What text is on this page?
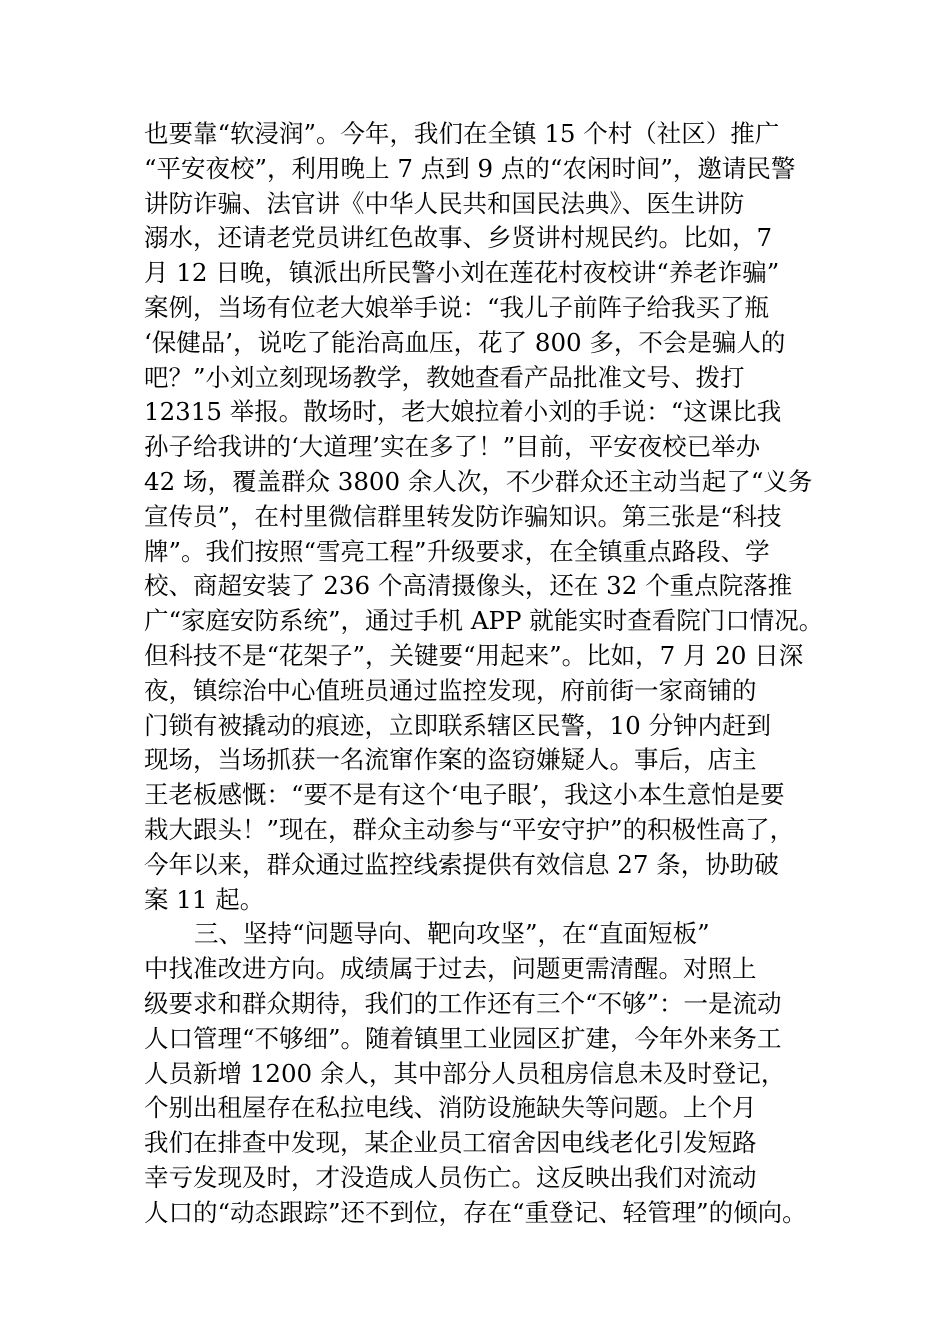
也要靠“软浸润”。今年，我们在全镇 15 个村（社区）推广
“平安夜校”，利用晚上 7 点到 9 点的“农闲时间”，邀请民警
讲防诈骗、法官讲《中华人民共和国民法典》、医生讲防
溺水，还请老党员讲红色故事、乡贤讲村规民约。比如，7
月 12 日晚，镇派出所民警小刘在莲花村夜校讲“养老诈骗”
案例，当场有位老大娘举手说：“我儿子前阵子给我买了瓶
‘保健品’，说吃了能治高血压，花了 800 多，不会是骗人的
吧？”小刘立刻现场教学，教她查看产品批准文号、拨打
12315 举报。散场时，老大娘拉着小刘的手说：“这课比我
孙子给我讲的‘大道理’实在多了！”目前，平安夜校已举办
42 场，覆盖群众 3800 余人次，不少群众还主动当起了“义务
宣传员”，在村里微信群里转发防诈骗知识。第三张是“科技
牌”。我们按照“雪亮工程”升级要求，在全镇重点路段、学
校、商超安装了 236 个高清摄像头，还在 32 个重点院落推
广“家庭安防系统”，通过手机 APP 就能实时查看院门口情况。
但科技不是“花架子”，关键要“用起来”。比如，7 月 20 日深
夜，镇综治中心值班员通过监控发现，府前街一家商铺的
门锁有被撬动的痕迹，立即联系辖区民警，10 分钟内赶到
现场，当场抓获一名流窜作案的盗窃嫌疑人。事后，店主
王老板感慨：“要不是有这个‘电子眼’，我这小本生意怕是要
栽大跟头！”现在，群众主动参与“平安守护”的积极性高了，
今年以来，群众通过监控线索提供有效信息 27 条，协助破
案 11 起。
三、坚持“问题导向、靶向攻坚”，在“直面短板”
中找准改进方向。成绩属于过去，问题更需清醒。对照上
级要求和群众期待，我们的工作还有三个“不够”：一是流动
人口管理“不够细”。随着镇里工业园区扩建，今年外来务工
人员新增 1200 余人，其中部分人员租房信息未及时登记，
个别出租屋存在私拉电线、消防设施缺失等问题。上个月
我们在排查中发现，某企业员工宿舍因电线老化引发短路
幸亏发现及时，才没造成人员伤亡。这反映出我们对流动
人口的“动态跟踪”还不到位，存在“重登记、轻管理”的倾向。
